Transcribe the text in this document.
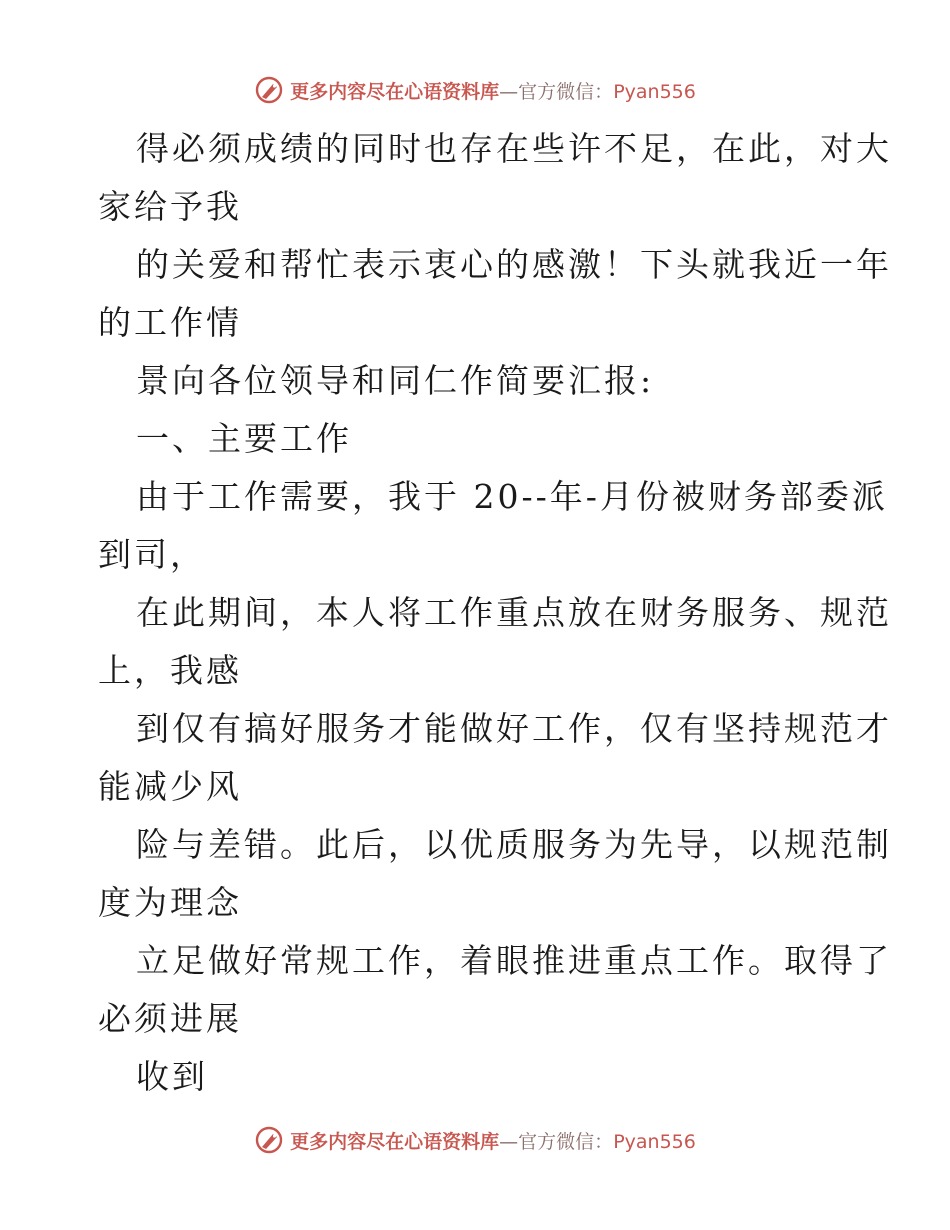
更多内容尽在心语资料库—官方微信：Pyan556
得必须成绩的同时也存在些许不足，在此，对大
家给予我
的关爱和帮忙表示衷心的感激！下头就我近一年
的工作情
景向各位领导和同仁作简要汇报:
一、主要工作
由于工作需要，我于 20--年-月份被财务部委派
到司，
在此期间，本人将工作重点放在财务服务、规范
上，我感
到仅有搞好服务才能做好工作，仅有坚持规范才
能减少风
险与差错。此后，以优质服务为先导，以规范制
度为理念
立足做好常规工作，着眼推进重点工作。取得了
必须进展
收到
更多内容尽在心语资料库—官方微信：Pyan556
